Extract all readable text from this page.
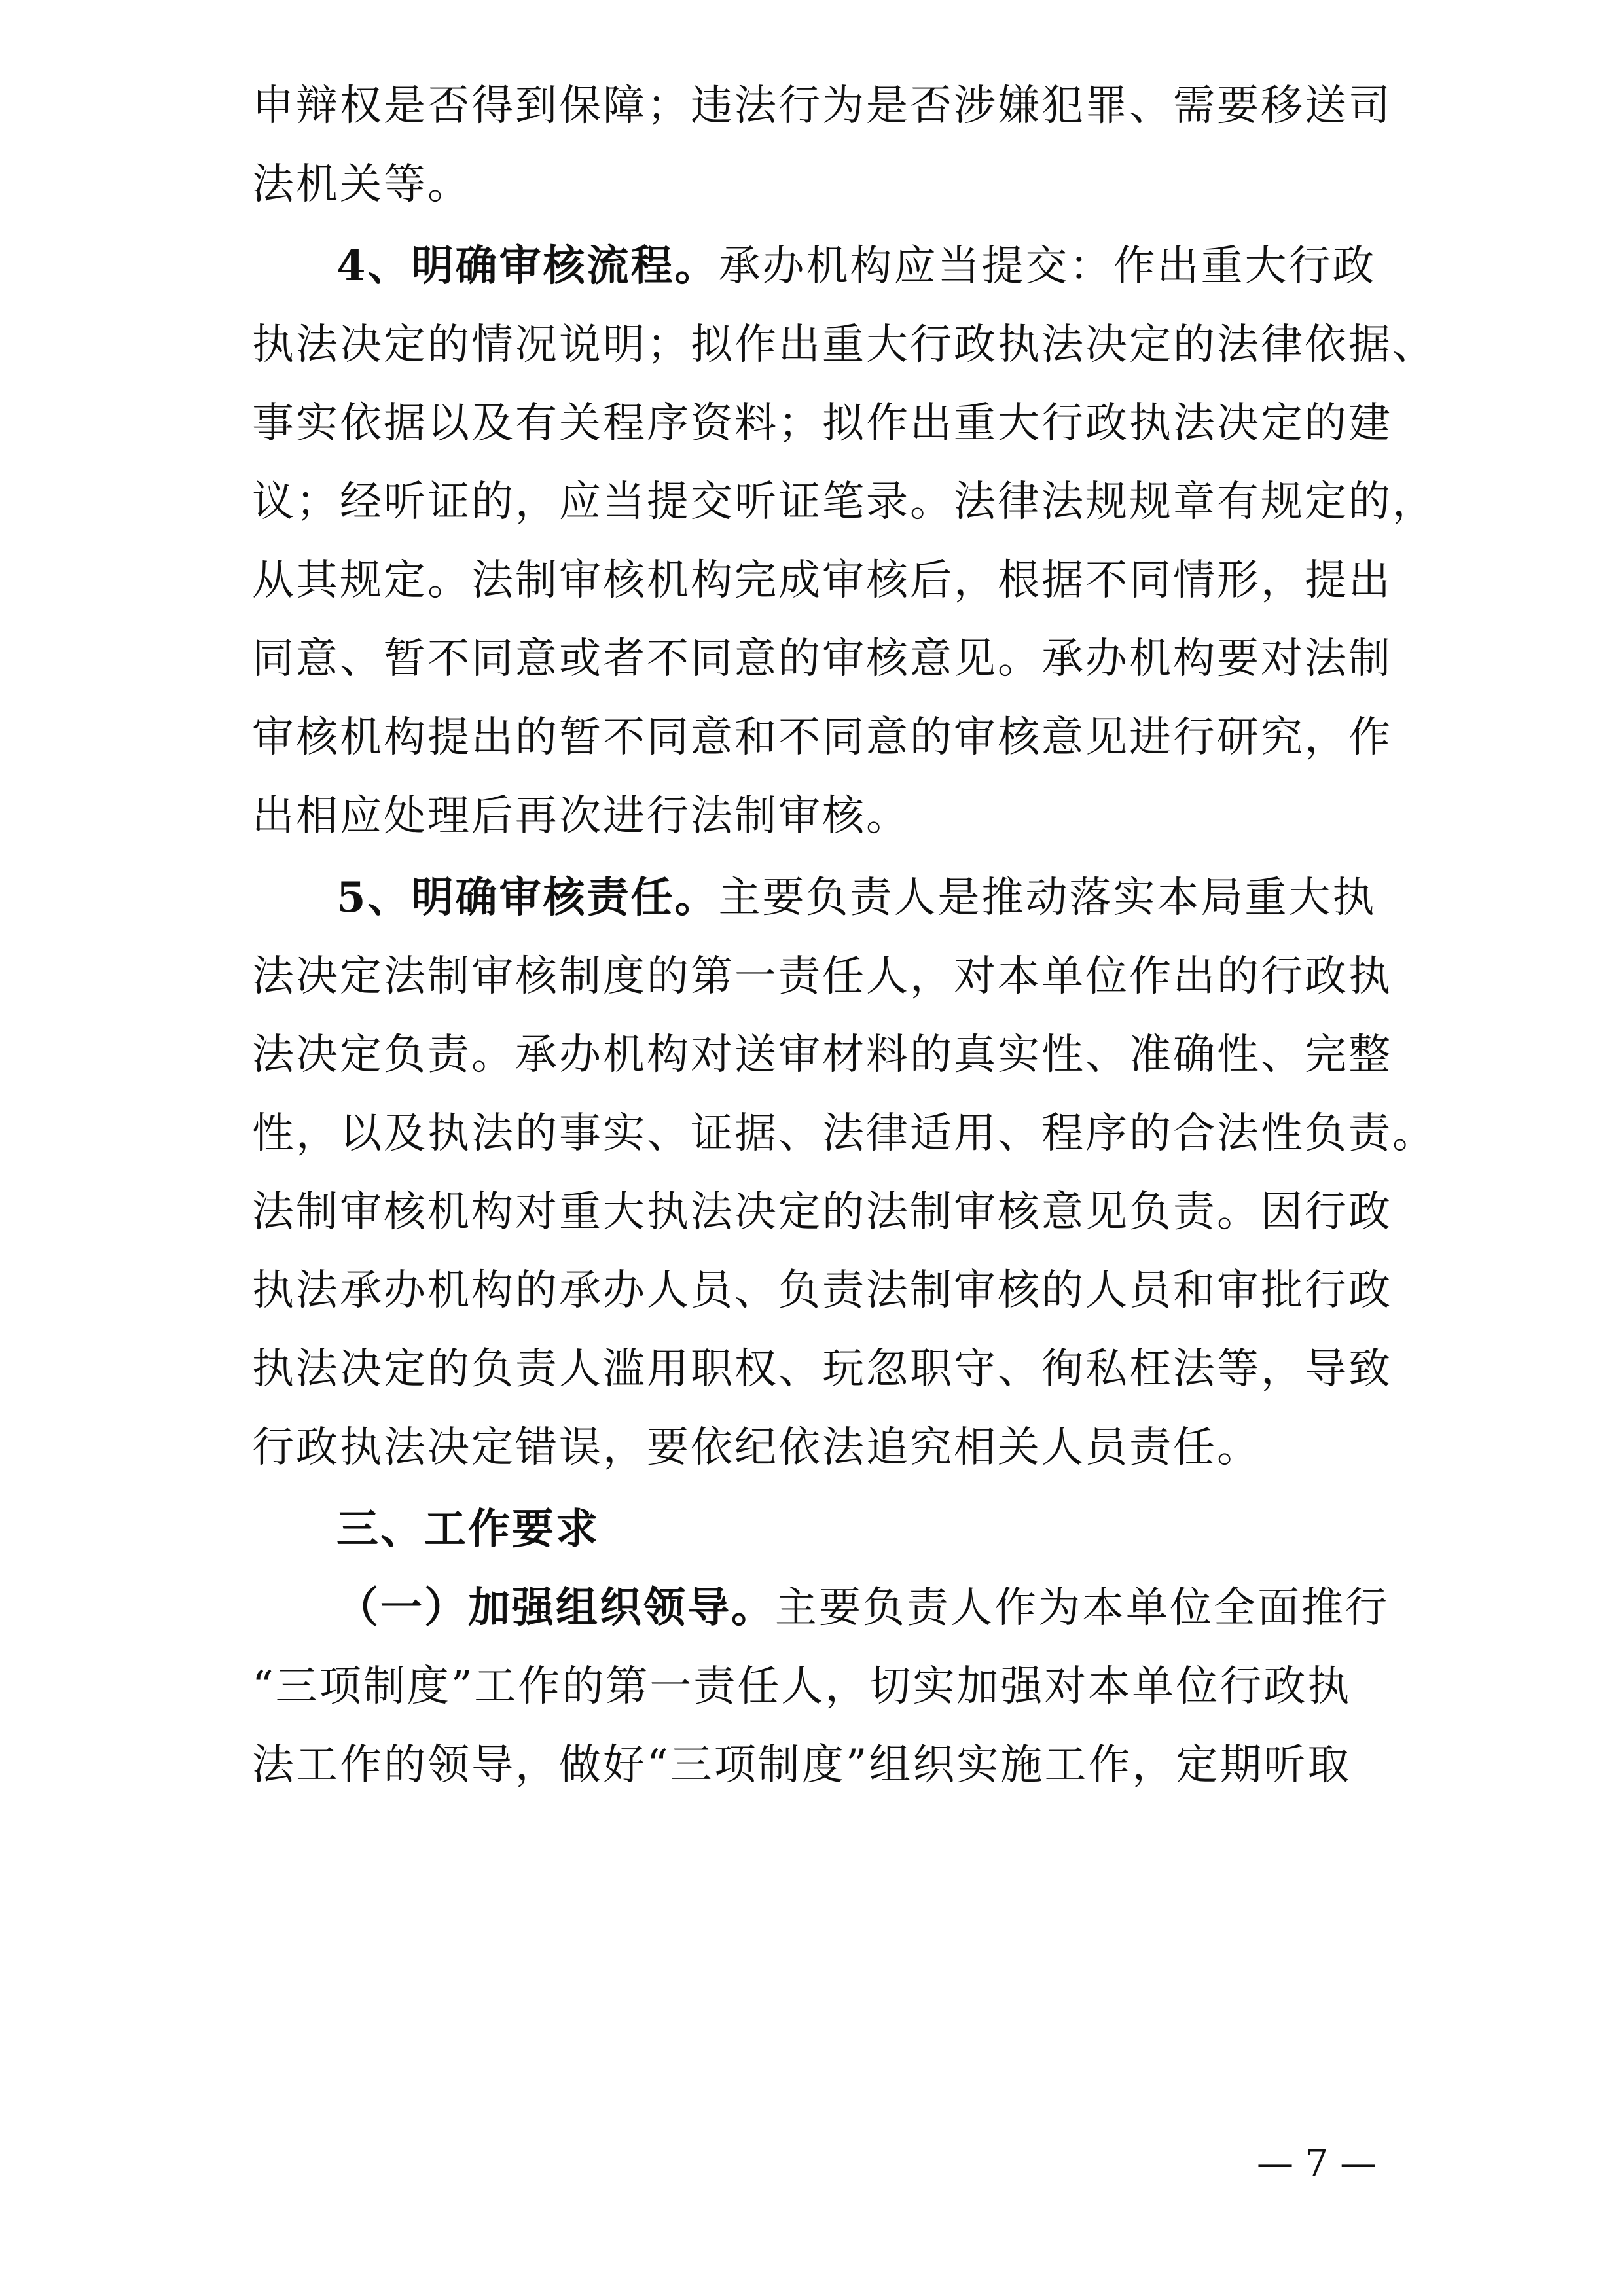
申辩权是否得到保障；违法行为是否涉嫌犯罪、需要移送司
法机关等。
4、明确审核流程。承办机构应当提交：作出重大行政
执法决定的情况说明；拟作出重大行政执法决定的法律依据、
事实依据以及有关程序资料；拟作出重大行政执法决定的建
议；经听证的，应当提交听证笔录。法律法规规章有规定的，
从其规定。法制审核机构完成审核后，根据不同情形，提出
同意、暂不同意或者不同意的审核意见。承办机构要对法制
审核机构提出的暂不同意和不同意的审核意见进行研究，作
出相应处理后再次进行法制审核。
5、明确审核责任。主要负责人是推动落实本局重大执
法决定法制审核制度的第一责任人，对本单位作出的行政执
法决定负责。承办机构对送审材料的真实性、准确性、完整
性，以及执法的事实、证据、法律适用、程序的合法性负责。
法制审核机构对重大执法决定的法制审核意见负责。因行政
执法承办机构的承办人员、负责法制审核的人员和审批行政
执法决定的负责人滥用职权、玩忽职守、徇私枉法等，导致
行政执法决定错误，要依纪依法追究相关人员责任。
三、工作要求
（一）加强组织领导。主要负责人作为本单位全面推行
“三项制度”工作的第一责任人，切实加强对本单位行政执
法工作的领导，做好“三项制度”组织实施工作，定期听取
— 7 —
